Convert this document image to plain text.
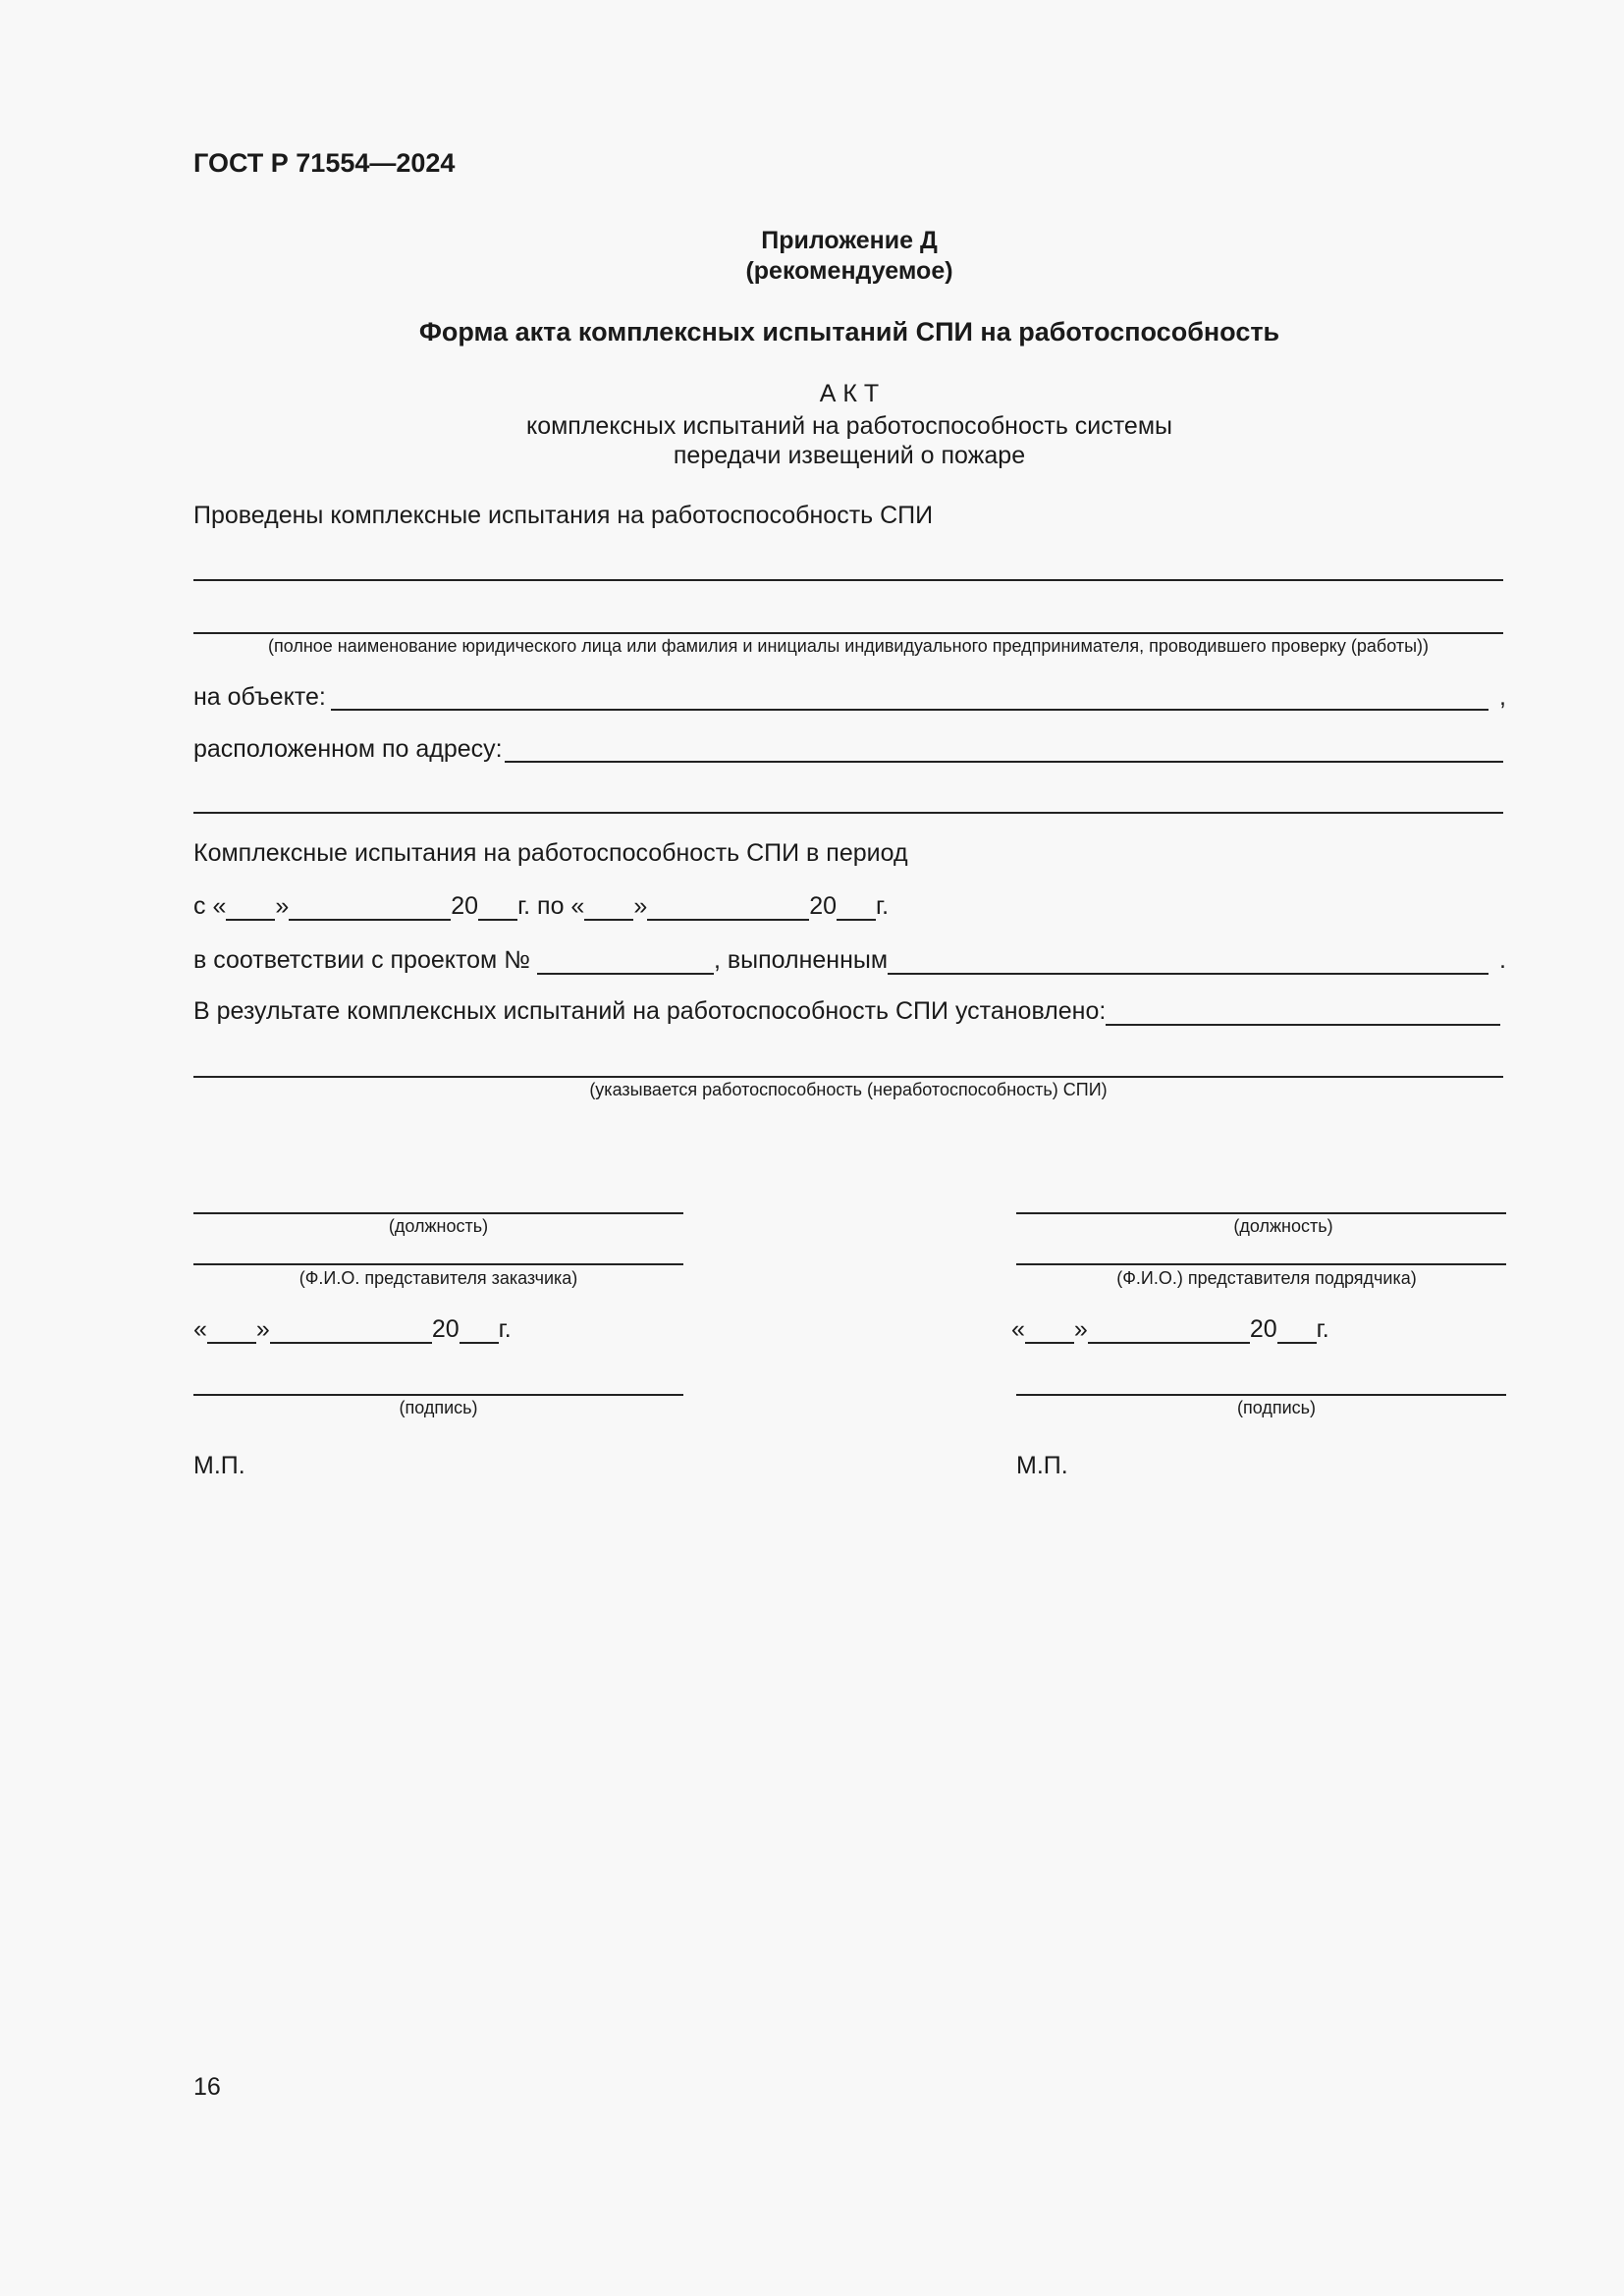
ГОСТ Р 71554—2024
Приложение Д
(рекомендуемое)
Форма акта комплексных испытаний СПИ на работоспособность
А К Т
комплексных испытаний на работоспособность системы
передачи извещений о пожаре
Проведены комплексные испытания на работоспособность СПИ
(полное наименование юридического лица или фамилия и инициалы индивидуального предпринимателя, проводившего проверку (работы))
на объекте:	,
расположенном по адресу:
Комплексные испытания на работоспособность СПИ в период
с « »	20 г. по « »	20 г.
в соответствии с проектом №
	, выполненным	.
В результате комплексных испытаний на работоспособность СПИ установлено:
(указывается работоспособность (неработоспособность) СПИ)
(должность)
(Ф.И.О. представителя заказчика)
« »	20 г.
(подпись)
М.П.
(должность)
(Ф.И.О.) представителя подрядчика)
« »	20 г.
(подпись)
М.П.
16
